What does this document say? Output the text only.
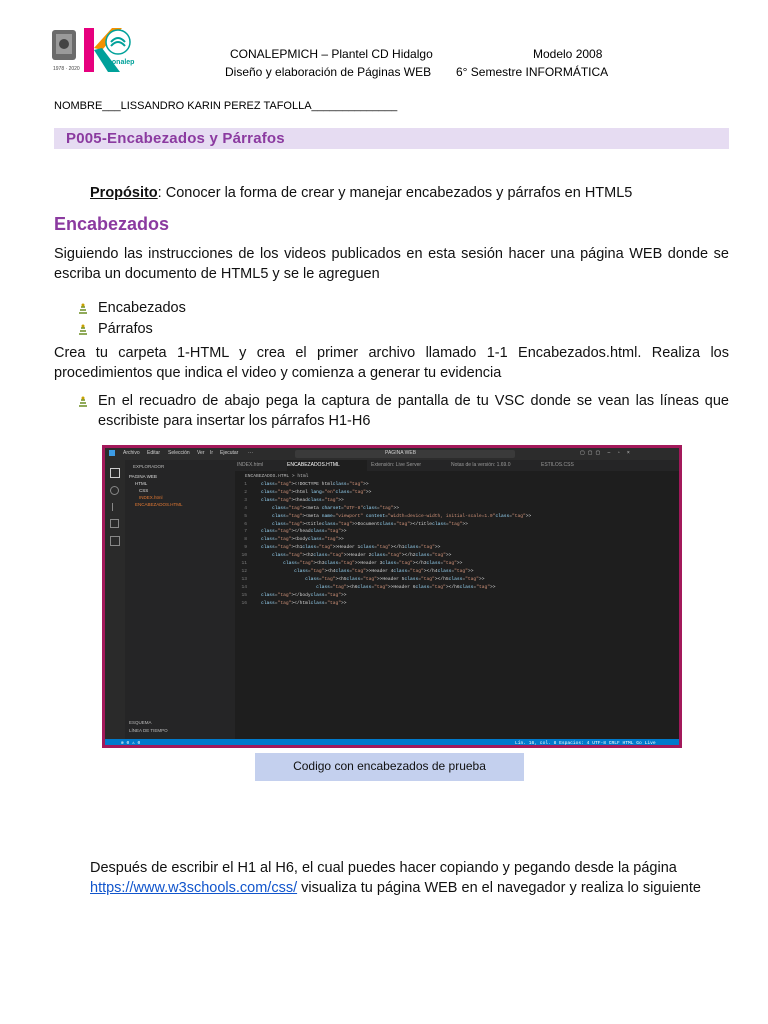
1978 · 2020
conalep
CONALEPMICH – Plantel CD Hidalgo
Diseño y elaboración de Páginas WEB
Modelo 2008
6° Semestre INFORMÁTICA
NOMBRE___LISSANDRO KARIN PEREZ TAFOLLA______________
P005-Encabezados y Párrafos
Propósito: Conocer la forma de crear y manejar encabezados y párrafos en HTML5
Encabezados
Siguiendo las instrucciones de los videos publicados en esta sesión hacer una página WEB donde se escriba un documento de HTML5 y se le agreguen
Encabezados
Párrafos
Crea tu carpeta 1-HTML y crea el primer archivo llamado 1-1 Encabezados.html. Realiza los procedimientos que indica el video y comienza a generar tu evidencia
En el recuadro de abajo pega la captura de pantalla de tu VSC donde se vean las líneas que escribiste para insertar los párrafos H1-H6
Archivo Editar Selección Ver Ir Ejecutar ···	PAGINA WEB	▢▢▢ – ▫ ×
EXPLORADOR
PAGINA WEB
HTML
CSS
INDEX.html
ENCABEZADOS.HTML
ESQUEMA
LÍNEA DE TIEMPO
INDEX.html	ENCABEZADOS.HTML	Extensión: Live Server	Notas de la versión: 1.69.0	ESTILOS.CSS
ENCABEZADOS.HTML > html
1	class="tag"><!DOCTYPE htmlclass="tag">>
2	class="tag"><html lang="en"class="tag">>
3	class="tag"><headclass="tag">>
4	class="tag"><meta charset="UTF-8"class="tag">>
5	class="tag"><meta name="viewport" content="width=device-width, initial-scale=1.0"class="tag">>
6	class="tag"><titleclass="tag">>Documentclass="tag"></titleclass="tag">>
7	class="tag"></headclass="tag">>
8	class="tag"><bodyclass="tag">>
9	class="tag"><h1class="tag">>Header 1class="tag"></h1class="tag">>
10	class="tag"><h2class="tag">>Header 2class="tag"></h2class="tag">>
11	class="tag"><h3class="tag">>Header 3class="tag"></h3class="tag">>
12	class="tag"><h4class="tag">>Header 4class="tag"></h4class="tag">>
13	class="tag"><h5class="tag">>Header 5class="tag"></h5class="tag">>
14	class="tag"><h6class="tag">>Header 6class="tag"></h6class="tag">>
15	class="tag"></bodyclass="tag">>
16	class="tag"></htmlclass="tag">>
⊗ 0 ⚠ 0	Lín. 16, col. 8 Espacios: 4 UTF-8 CRLF HTML Go Live
Codigo con encabezados de prueba
Después de escribir el H1 al H6, el cual puedes hacer copiando y pegando desde la página
https://www.w3schools.com/css/ visualiza tu página WEB en el navegador y realiza lo siguiente
